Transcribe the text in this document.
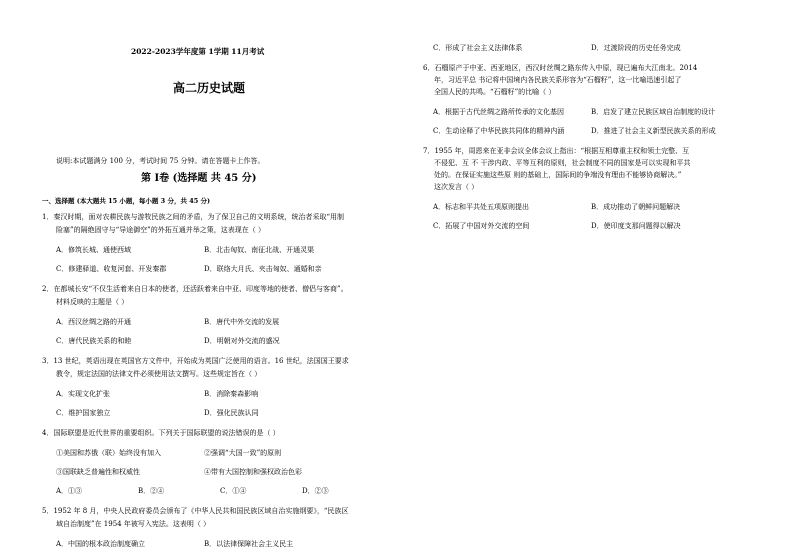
2022-2023学年度第 1学期 11月考试
高二历史试题
说明:本试题满分 100 分，考试时间 75 分钟。请在答题卡上作答。
第 Ⅰ卷 (选择题 共 45 分)
一、选择题 (本大题共 15 小题，每小题 3 分，共 45 分)
1．秦汉时期，面对农耕民族与游牧民族之间的矛盾，为了保卫自己的文明系统，统治者采取“用制
险塞”的隔绝固守与“导途御空”的外拓互通并举之策，这表现在（ ）
A．修筑长城、通使西域	B．北击匈奴、南征北战、开通灵渠
C．修建驿道、收复河套、开发秦郡	D．联络大月氏、夹击匈奴、通婚和亲
2．在都城长安“不仅生活着来自日本的使者，还活跃着来自中亚、印度等地的使者、僧侣与客商”。
材料反映的主题是（ ）
A．西汉丝绸之路的开通	B．唐代中外交流的发展
C．唐代民族关系的和睦	D．明朝对外交流的盛况
3．13 世纪，英语出现在英国官方文件中，开始成为英国广泛使用的语言。16 世纪，法国国王要求
教令，规定法国的法律文件必须使用法文撰写。这些规定旨在（ ）
A．实现文化扩张	B．消除秦森影响
C．维护国家独立	D．强化民族认同
4．国际联盟是近代世界的重要组织。下列关于国际联盟的说法错误的是（ ）
①美国和苏俄（联）始终没有加入	②强调“大国一致”的原则
③国联缺乏普遍性和权威性	④带有大国控制和强权政治色彩
A．①③	B．②④	C．①④	D．②③
5．1952 年 8 月，中央人民政府委员会颁布了《中华人民共和国民族区域自治实施纲要》，“民族区
域自治制度”在 1954 年被写入宪法。这表明（ ）
A．中国的根本政治制度确立	B．以法律保障社会主义民主
C．形成了社会主义法律体系	D．过渡阶段的历史任务完成
6．石榴原产于中亚、西亚地区，西汉时丝绸之路东传入中原，现已遍布大江南北。2014
年，习近平总 书记将中国境内各民族关系形容为“石榴籽”，这一比喻迅速引起了
全国人民的共鸣。“石榴籽”的比喻（ ）
A．根据于古代丝绸之路所传承的文化基因	B．启发了建立民族区域自治制度的设计
C．生动诠释了中华民族共同体的精神内涵	D．推进了社会主义新型民族关系的形成
7．1955 年，周恩来在亚非会议全体会议上指出：“根据互相尊重主权和领土完整、互
不侵犯、互 不 干涉内政、平等互利的原则，社会制度不同的国家是可以实现和平共
处的。在保证实施这些原 则的基础上，国际间的争端没有理由不能够协商解决。”
这次发言（ ）
A．标志和平共处五项原则提出	B．成功推动了朝鲜问题解决
C．拓展了中国对外交流的空间	D．使印度支那问题得以解决
